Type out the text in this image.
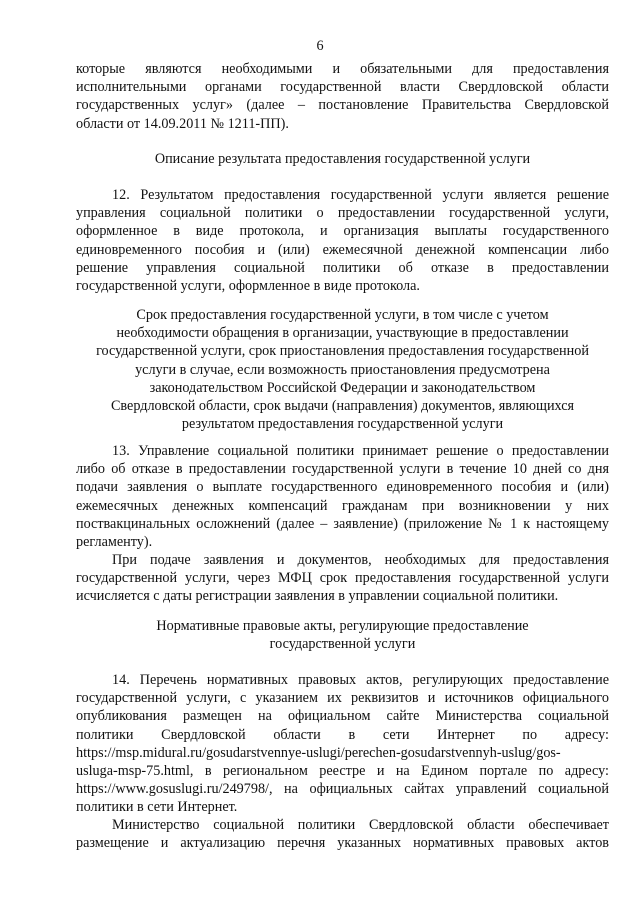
6
которые являются необходимыми и обязательными для предоставления
исполнительными органами государственной власти Свердловской области
государственных услуг» (далее – постановление Правительства Свердловской
области от 14.09.2011 № 1211-ПП).
Описание результата предоставления государственной услуги
12. Результатом предоставления государственной услуги является решение
управления социальной политики о предоставлении государственной услуги,
оформленное в виде протокола, и организация выплаты государственного
единовременного пособия и (или) ежемесячной денежной компенсации либо
решение управления социальной политики об отказе в предоставлении
государственной услуги, оформленное в виде протокола.
Срок предоставления государственной услуги, в том числе с учетом
необходимости обращения в организации, участвующие в предоставлении
государственной услуги, срок приостановления предоставления государственной
услуги в случае, если возможность приостановления предусмотрена
законодательством Российской Федерации и законодательством
Свердловской области, срок выдачи (направления) документов, являющихся
результатом предоставления государственной услуги
13. Управление социальной политики принимает решение о предоставлении
либо об отказе в предоставлении государственной услуги в течение 10 дней со дня
подачи заявления о выплате государственного единовременного пособия и (или)
ежемесячных денежных компенсаций гражданам при возникновении у них
поствакцинальных осложнений (далее – заявление) (приложение № 1 к настоящему
регламенту).
При подаче заявления и документов, необходимых для предоставления
государственной услуги, через МФЦ срок предоставления государственной услуги
исчисляется с даты регистрации заявления в управлении социальной политики.
Нормативные правовые акты, регулирующие предоставление
государственной услуги
14. Перечень нормативных правовых актов, регулирующих предоставление
государственной услуги, с указанием их реквизитов и источников официального
опубликования размещен на официальном сайте Министерства социальной
политики Свердловской области в сети Интернет по адресу:
https://msp.midural.ru/gosudarstvennye-uslugi/perechen-gosudarstvennyh-uslug/gos-
usluga-msp-75.html, в региональном реестре и на Едином портале по адресу:
https://www.gosuslugi.ru/249798/, на официальных сайтах управлений социальной
политики в сети Интернет.
Министерство социальной политики Свердловской области обеспечивает
размещение и актуализацию перечня указанных нормативных правовых актов
